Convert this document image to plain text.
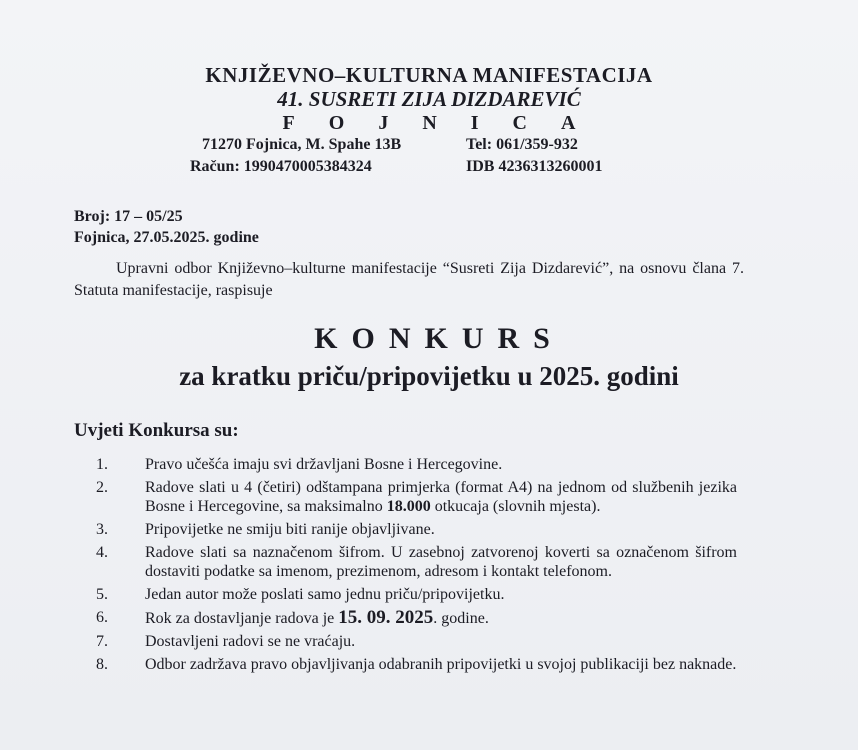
KNJIŽEVNO–KULTURNA MANIFESTACIJA
41. SUSRETI ZIJA DIZDAREVIĆ
FOJNICA
71270 Fojnica, M. Spahe 13B	Tel: 061/359-932
Račun: 1990470005384324	IDB 4236313260001
Broj: 17 – 05/25
Fojnica, 27.05.2025. godine
Upravni odbor Književno–kulturne manifestacije “Susreti Zija Dizdarević”, na osnovu člana 7. Statuta manifestacije, raspisuje
KONKURS
za kratku priču/pripovijetku u 2025. godini
Uvjeti Konkursa su:
1. Pravo učešća imaju svi državljani Bosne i Hercegovine.
2. Radove slati u 4 (četiri) odštampana primjerka (format A4) na jednom od službenih jezika Bosne i Hercegovine, sa maksimalno 18.000 otkucaja (slovnih mjesta).
3. Pripovijetke ne smiju biti ranije objavljivane.
4. Radove slati sa naznačenom šifrom. U zasebnoj zatvorenoj koverti sa označenom šifrom dostaviti podatke sa imenom, prezimenom, adresom i kontakt telefonom.
5. Jedan autor može poslati samo jednu priču/pripovijetku.
6. Rok za dostavljanje radova je 15. 09. 2025. godine.
7. Dostavljeni radovi se ne vraćaju.
8. Odbor zadržava pravo objavljivanja odabranih pripovijetki u svojoj publikaciji bez naknade.
